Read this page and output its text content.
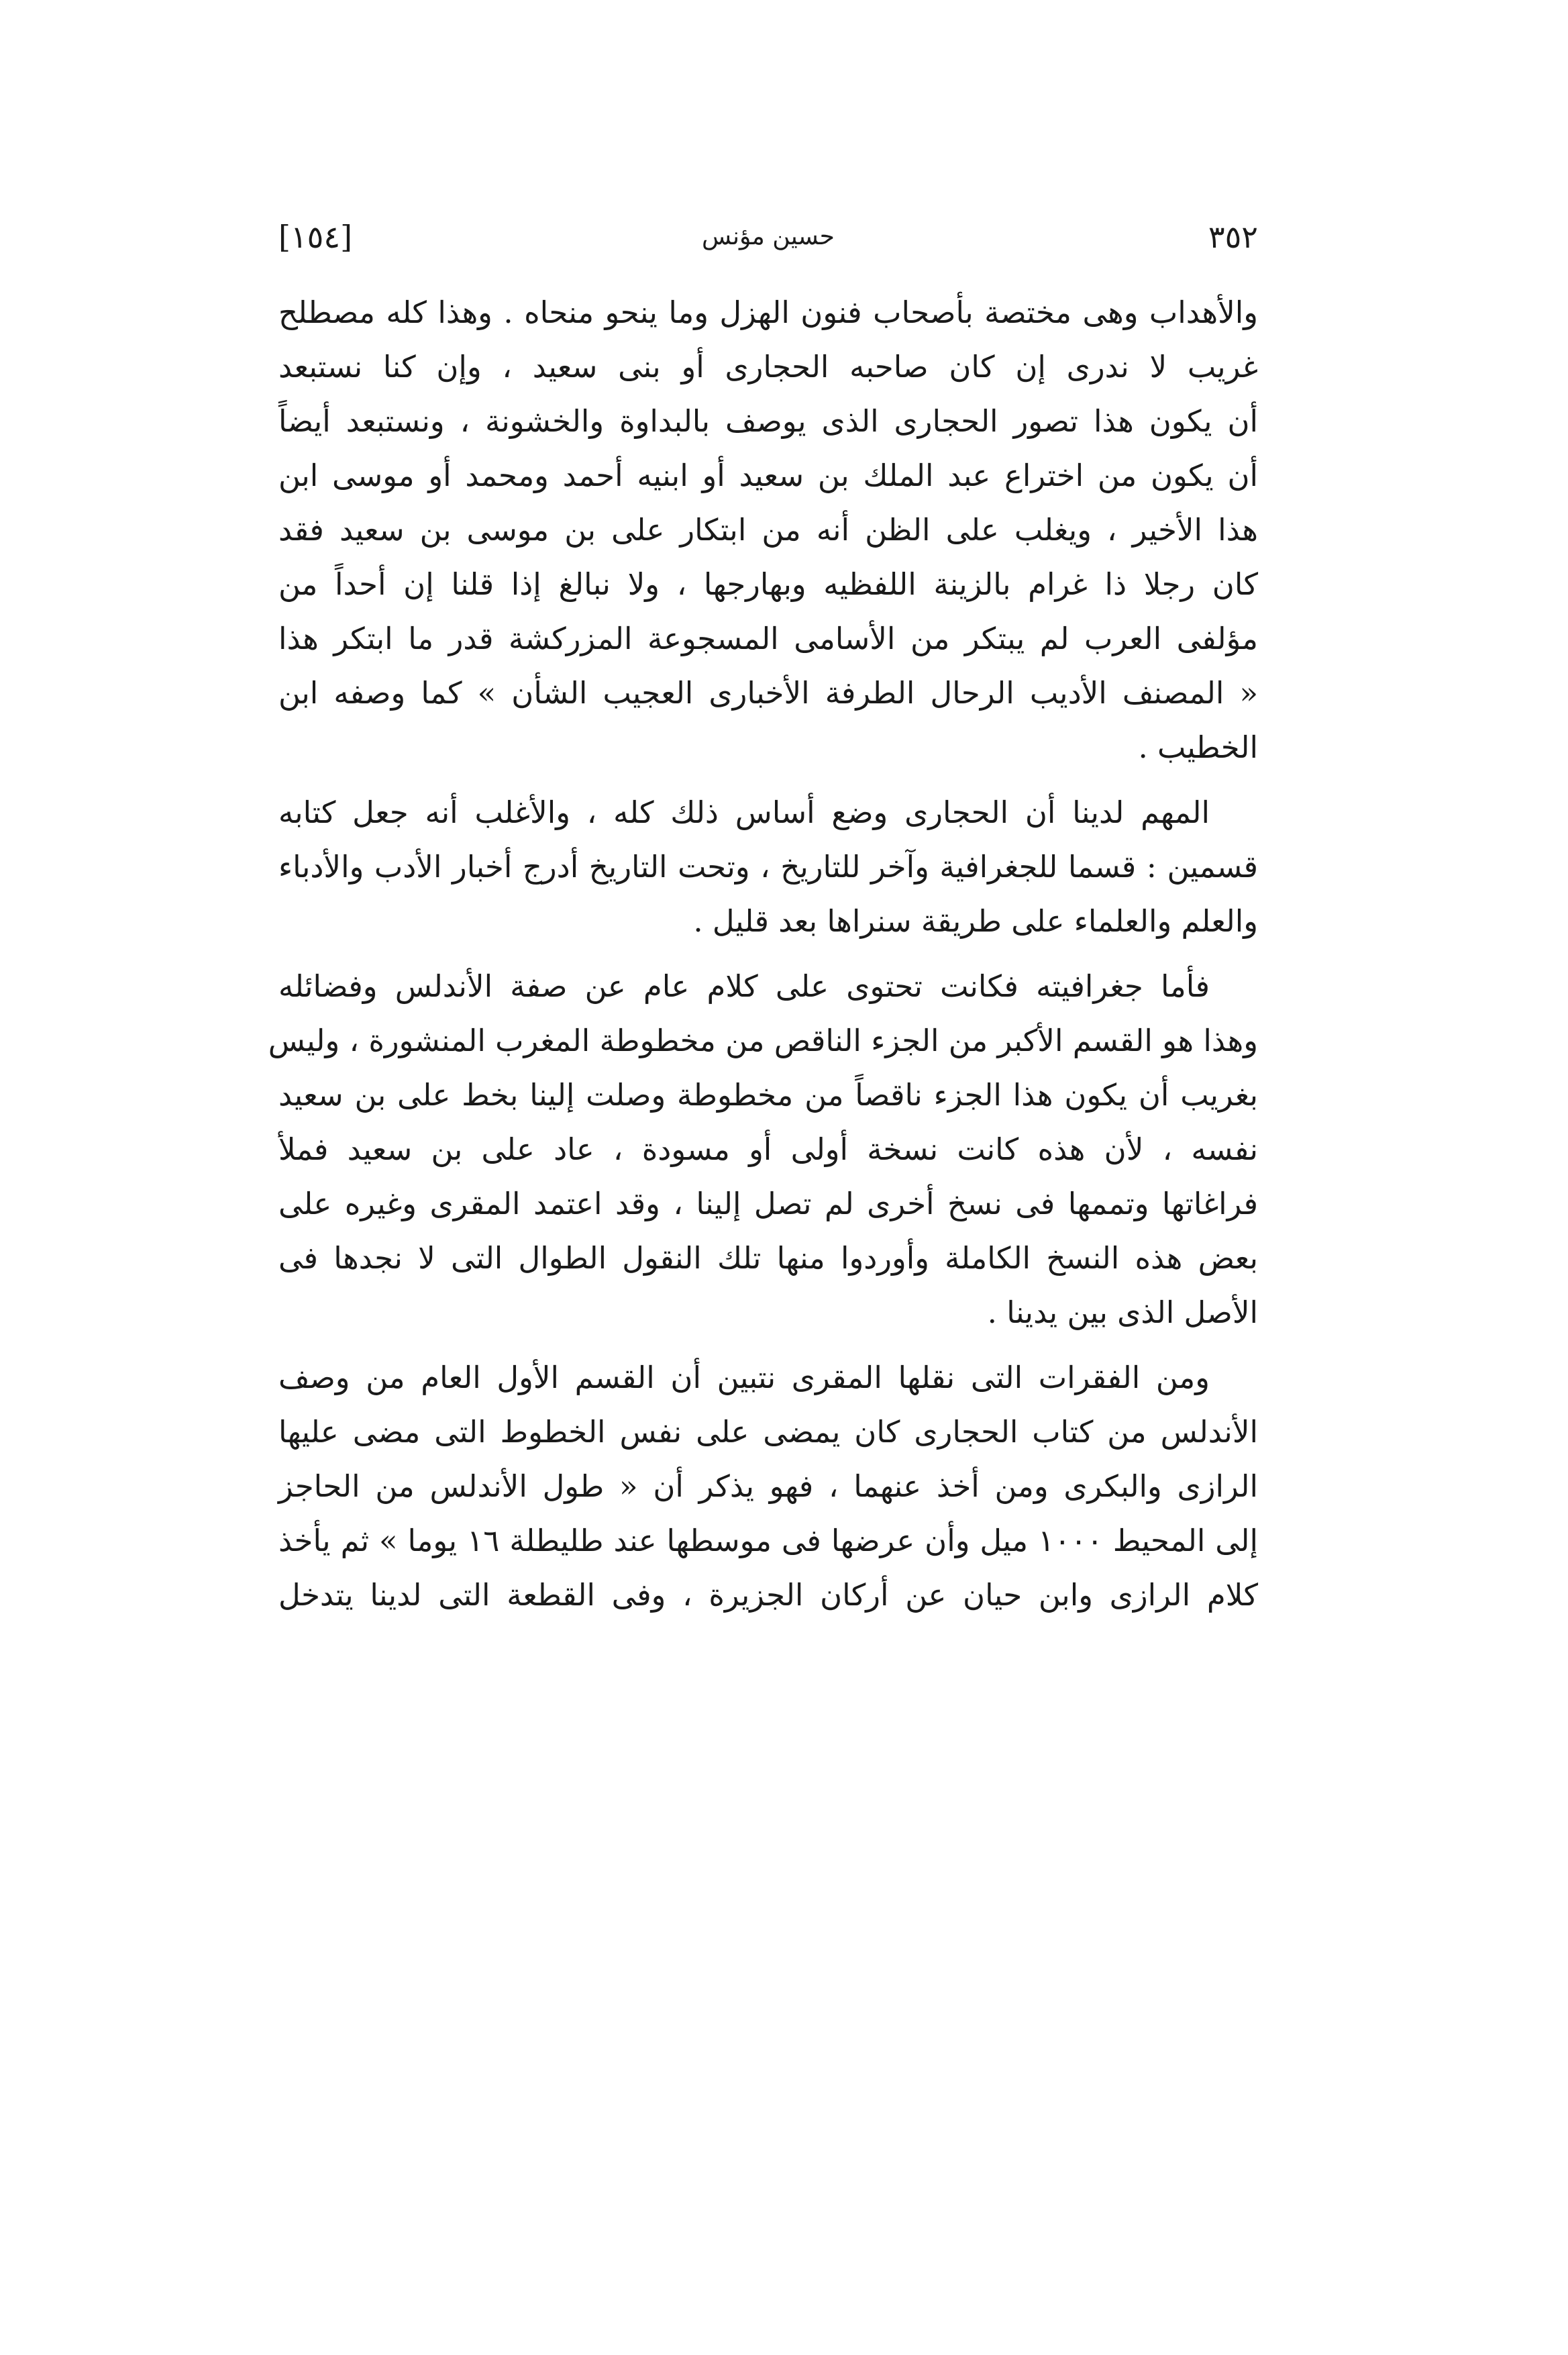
٣٥٢
حسين مؤنس
[١٥٤]
والأهداب وهى مختصة بأصحاب فنون الهزل وما ينحو منحاه . وهذا كله مصطلح
غريب لا ندرى إن كان صاحبه الحجارى أو بنى سعيد ، وإن كنا نستبعد
أن يكون هذا تصور الحجارى الذى يوصف بالبداوة والخشونة ، ونستبعد أيضاً
أن يكون من اختراع عبد الملك بن سعيد أو ابنيه أحمد ومحمد أو موسى ابن
هذا الأخير ، ويغلب على الظن أنه من ابتكار على بن موسى بن سعيد فقد
كان رجلا ذا غرام بالزينة اللفظيه وبهارجها ، ولا نبالغ إذا قلنا إن أحداً من
مؤلفى العرب لم يبتكر من الأسامى المسجوعة المزركشة قدر ما ابتكر هذا
« المصنف الأديب الرحال الطرفة الأخبارى العجيب الشأن » كما وصفه ابن
الخطيب .
المهم لدينا أن الحجارى وضع أساس ذلك كله ، والأغلب أنه جعل كتابه
قسمين : قسما للجغرافية وآخر للتاريخ ، وتحت التاريخ أدرج أخبار الأدب والأدباء
والعلم والعلماء على طريقة سنراها بعد قليل .
فأما جغرافيته فكانت تحتوى على كلام عام عن صفة الأندلس وفضائله
وهذا هو القسم الأكبر من الجزء الناقص من مخطوطة المغرب المنشورة ، وليس
بغريب أن يكون هذا الجزء ناقصاً من مخطوطة وصلت إلينا بخط على بن سعيد
نفسه ، لأن هذه كانت نسخة أولى أو مسودة ، عاد على بن سعيد فملأ
فراغاتها وتممها فى نسخ أخرى لم تصل إلينا ، وقد اعتمد المقرى وغيره على
بعض هذه النسخ الكاملة وأوردوا منها تلك النقول الطوال التى لا نجدها فى
الأصل الذى بين يدينا .
ومن الفقرات التى نقلها المقرى نتبين أن القسم الأول العام من وصف
الأندلس من كتاب الحجارى كان يمضى على نفس الخطوط التى مضى عليها
الرازى والبكرى ومن أخذ عنهما ، فهو يذكر أن « طول الأندلس من الحاجز
إلى المحيط ١٠٠٠ ميل وأن عرضها فى موسطها عند طليطلة ١٦ يوما » ثم يأخذ
كلام الرازى وابن حيان عن أركان الجزيرة ، وفى القطعة التى لدينا يتدخل
